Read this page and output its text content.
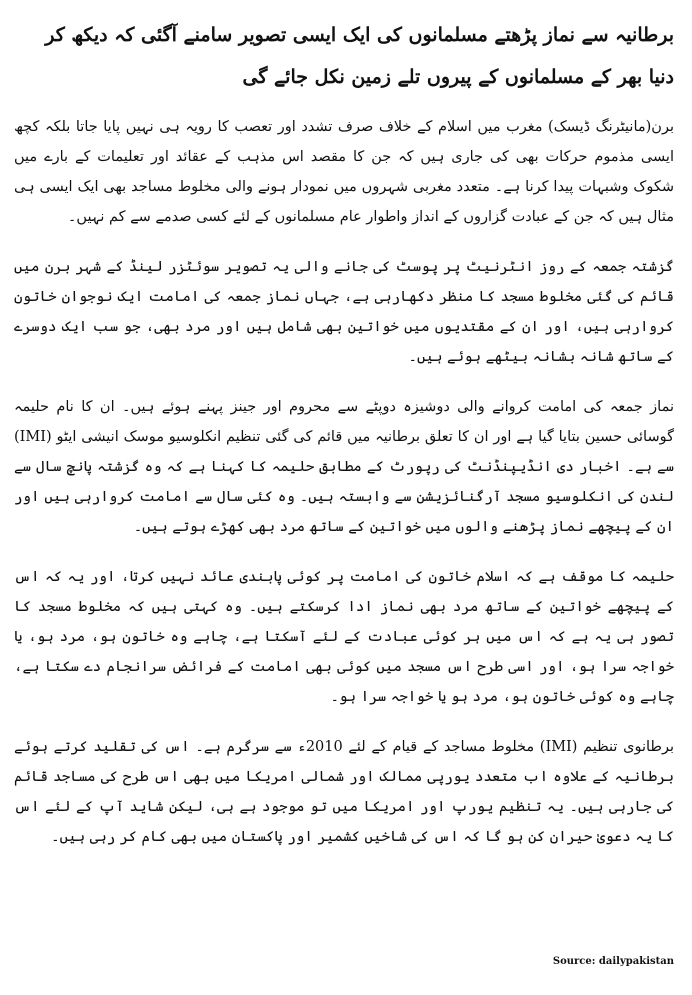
برطانیہ سے نماز پڑھتے مسلمانوں کی ایک ایسی تصویر سامنے آگئی کہ دیکھ کر دنیا بھر کے مسلمانوں کے پیروں تلے زمین نکل جائے گی

برن(مانیٹرنگ ڈیسک) مغرب میں اسلام کے خلاف صرف تشدد اور تعصب کا رویہ ہی نہیں پایا جاتا بلکہ کچھ ایسی مذموم حرکات بھی کی جاری ہیں کہ جن کا مقصد اس مذہب کے عقائد اور تعلیمات کے بارے میں شکوک وشبہات پیدا کرنا ہے۔ متعدد مغربی شہروں میں نمودار ہونے والی مخلوط مساجد بھی ایک ایسی ہی مثال ہیں کہ جن کے عبادت گزاروں کے انداز واطوار عام مسلمانوں کے لئے کسی صدمے سے کم نہیں۔

گزشتہ جمعہ کے روز انٹرنیٹ پر پوسٹ کی جانے والی یہ تصویر سوئٹزر لینڈ کے شہر برن میں قائم کی گئی مخلوط مسجد کا منظر دکھارہی ہے، جہاں نماز جمعہ کی امامت ایک نوجوان خاتون کروارہی ہیں، اور ان کے مقتدیوں میں خواتین بھی شامل ہیں اور مرد بھی، جو سب ایک دوسرے کے ساتھ شانہ بشانہ بیٹھے ہوئے ہیں۔

نماز جمعہ کی امامت کروانے والی دوشیزہ دوپٹے سے محروم اور جینز پہنے ہوئے ہیں۔ ان کا نام حلیمہ گوسائی حسین بتایا گیا ہے اور ان کا تعلق برطانیہ میں قائم کی گئی تنظیم انکلوسیو موسک انیشی ایٹو (IMI) سے ہے۔ اخبار دی انڈیپنڈنٹ کی رپورٹ کے مطابق حلیمہ کا کہنا ہے کہ وہ گزشتہ پانچ سال سے لندن کی انکلوسیو مسجد آرگنائزیشن سے وابستہ ہیں۔ وہ کئی سال سے امامت کروارہی ہیں اور ان کے پیچھے نماز پڑھنے والوں میں خواتین کے ساتھ مرد بھی کھڑے ہوتے ہیں۔

حلیمہ کا موقف ہے کہ اسلام خاتون کی امامت پر کوئی پابندی عائد نہیں کرتا، اور یہ کہ اس کے پیچھے خواتین کے ساتھ مرد بھی نماز ادا کرسکتے ہیں۔ وہ کہتی ہیں کہ مخلوط مسجد کا تصور ہی یہ ہے کہ اس میں ہر کوئی عبادت کے لئے آسکتا ہے، چاہے وہ خاتون ہو، مرد ہو، یا خواجہ سرا ہو، اور اسی طرح اس مسجد میں کوئی بھی امامت کے فرائض سرانجام دے سکتا ہے، چاہے وہ کوئی خاتون ہو، مرد ہو یا خواجہ سرا ہو۔

برطانوی تنظیم (IMI) مخلوط مساجد کے قیام کے لئے 2010ء سے سرگرم ہے۔ اس کی تقلید کرتے ہوئے برطانیہ کے علاوہ اب متعدد یورپی ممالک اور شمالی امریکا میں بھی اس طرح کی مساجد قائم کی جارہی ہیں۔ یہ تنظیم یورپ اور امریکا میں تو موجود ہے ہی، لیکن شاید آپ کے لئے اس کا یہ دعویٰ حیران کن ہو گا کہ اس کی شاخیں کشمیر اور پاکستان میں بھی کام کر رہی ہیں۔

Source: dailypakistan
